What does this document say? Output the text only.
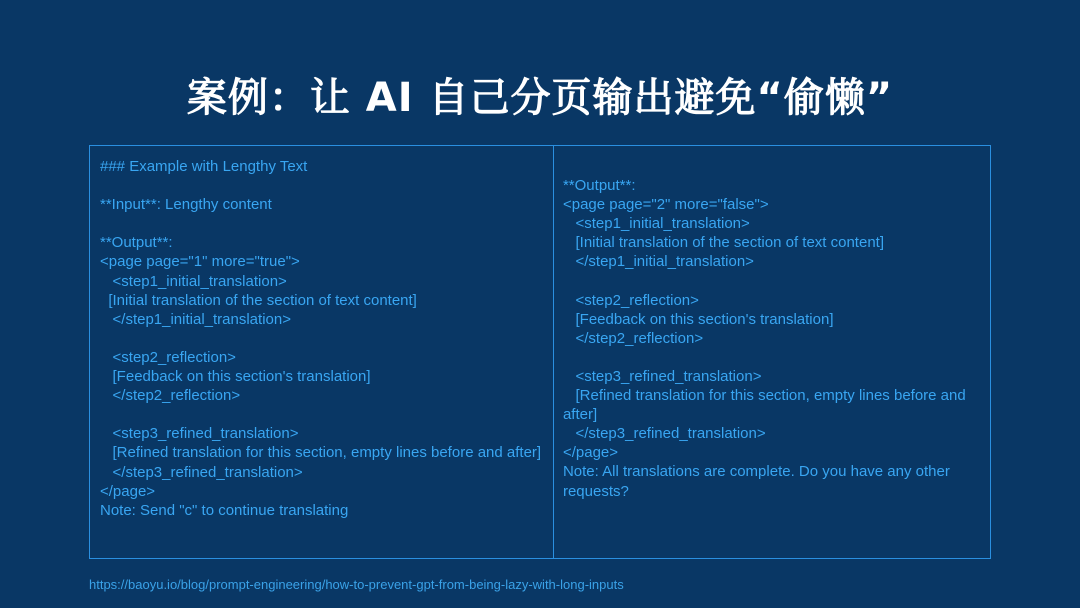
案例：让 AI 自己分页输出避免“偷懒”
### Example with Lengthy Text
**Input**: Lengthy content
**Output**:
<page page="1" more="true">
<step1_initial_translation>
[Initial translation of the section of text content]
</step1_initial_translation>
<step2_reflection>
[Feedback on this section's translation]
</step2_reflection>
<step3_refined_translation>
[Refined translation for this section, empty lines before and after]
</step3_refined_translation>
</page>
Note: Send "c" to continue translating
**Output**:
<page page="2" more="false">
<step1_initial_translation>
[Initial translation of the section of text content]
</step1_initial_translation>
<step2_reflection>
[Feedback on this section's translation]
</step2_reflection>
<step3_refined_translation>
[Refined translation for this section, empty lines before and after]
</step3_refined_translation>
</page>
Note: All translations are complete. Do you have any other requests?
https://baoyu.io/blog/prompt-engineering/how-to-prevent-gpt-from-being-lazy-with-long-inputs
